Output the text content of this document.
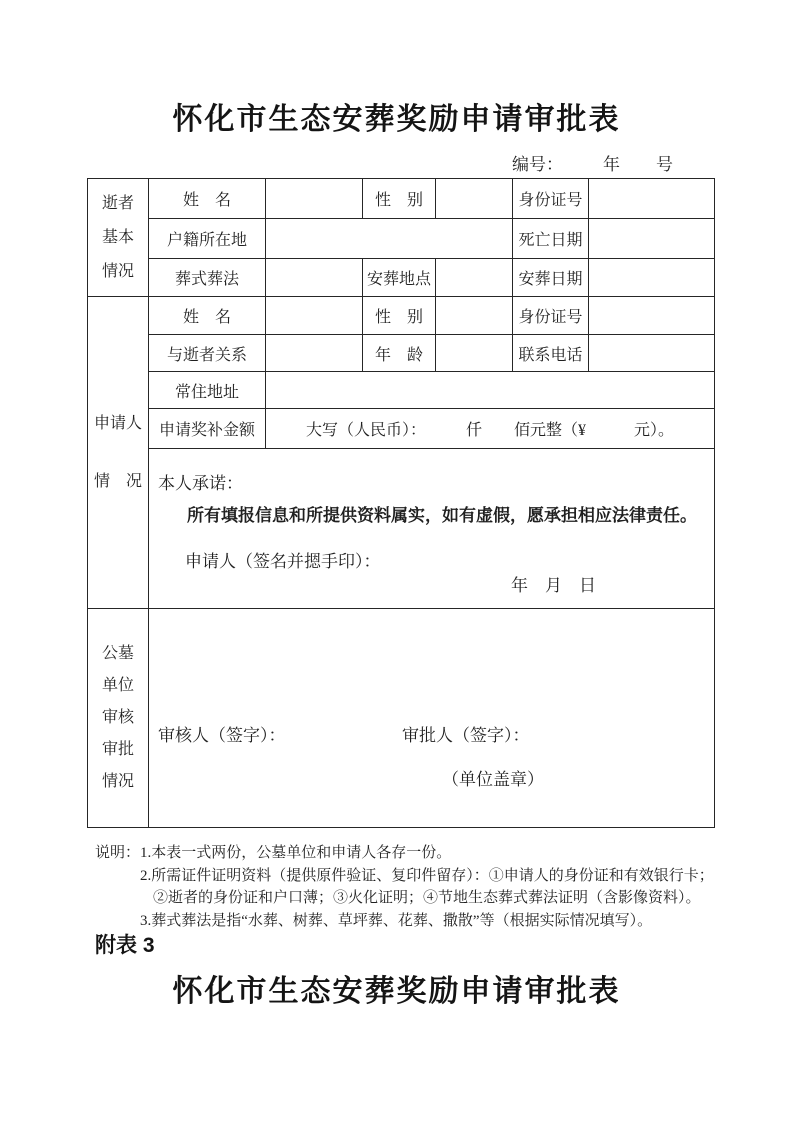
怀化市生态安葬奖励申请审批表
编号： 年 号
逝者
基本
情况	姓　名		性　别		身份证号	
	户籍所在地				死亡日期	
	葬式葬法		安葬地点		安葬日期	

申请人
情　况	姓　名		性　别		身份证号	
	与逝者关系		年　龄		联系电话	
	常住地址					
	申请奖补金额	大写（人民币）：　　　仟　　佰元整（¥　　　元）。				

	本人承诺：
所有填报信息和所提供资料属实，如有虚假，愿承担相应法律责任。
申请人（签名并摁手印）：
年　月　日					

公墓
单位
审核
审批
情况	审核人（签字）： 审批人（签字）：
（单位盖章）					
说明： 1.本表一式两份，公墓单位和申请人各存一份。
2.所需证件证明资料（提供原件验证、复印件留存）：①申请人的身份证和有效银行卡；
②逝者的身份证和户口薄；③火化证明；④节地生态葬式葬法证明（含影像资料）。
3.葬式葬法是指“水葬、树葬、草坪葬、花葬、撒散”等（根据实际情况填写）。
附表 3
怀化市生态安葬奖励申请审批表
